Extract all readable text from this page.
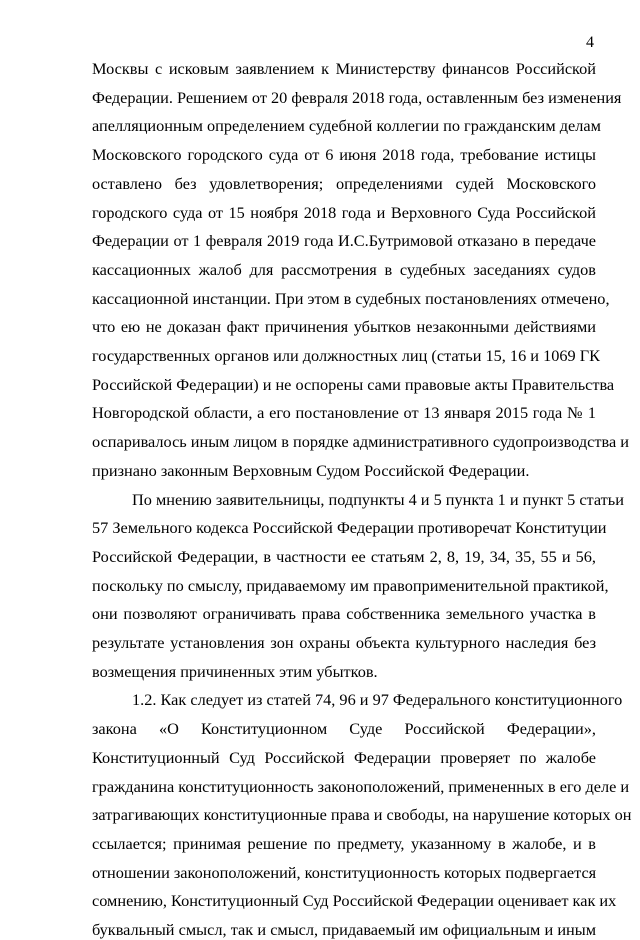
4
Москвы с исковым заявлением к Министерству финансов Российской
Федерации. Решением от 20 февраля 2018 года, оставленным без изменения
апелляционным определением судебной коллегии по гражданским делам
Московского городского суда от 6 июня 2018 года, требование истицы
оставлено без удовлетворения; определениями судей Московского
городского суда от 15 ноября 2018 года и Верховного Суда Российской
Федерации от 1 февраля 2019 года И.С.Бутримовой отказано в передаче
кассационных жалоб для рассмотрения в судебных заседаниях судов
кассационной инстанции. При этом в судебных постановлениях отмечено,
что ею не доказан факт причинения убытков незаконными действиями
государственных органов или должностных лиц (статьи 15, 16 и 1069 ГК
Российской Федерации) и не оспорены сами правовые акты Правительства
Новгородской области, а его постановление от 13 января 2015 года № 1
оспаривалось иным лицом в порядке административного судопроизводства и
признано законным Верховным Судом Российской Федерации.
По мнению заявительницы, подпункты 4 и 5 пункта 1 и пункт 5 статьи
57 Земельного кодекса Российской Федерации противоречат Конституции
Российской Федерации, в частности ее статьям 2, 8, 19, 34, 35, 55 и 56,
поскольку по смыслу, придаваемому им правоприменительной практикой,
они позволяют ограничивать права собственника земельного участка в
результате установления зон охраны объекта культурного наследия без
возмещения причиненных этим убытков.
1.2. Как следует из статей 74, 96 и 97 Федерального конституционного
закона «О Конституционном Суде Российской Федерации»,
Конституционный Суд Российской Федерации проверяет по жалобе
гражданина конституционность законоположений, примененных в его деле и
затрагивающих конституционные права и свободы, на нарушение которых он
ссылается; принимая решение по предмету, указанному в жалобе, и в
отношении законоположений, конституционность которых подвергается
сомнению, Конституционный Суд Российской Федерации оценивает как их
буквальный смысл, так и смысл, придаваемый им официальным и иным
